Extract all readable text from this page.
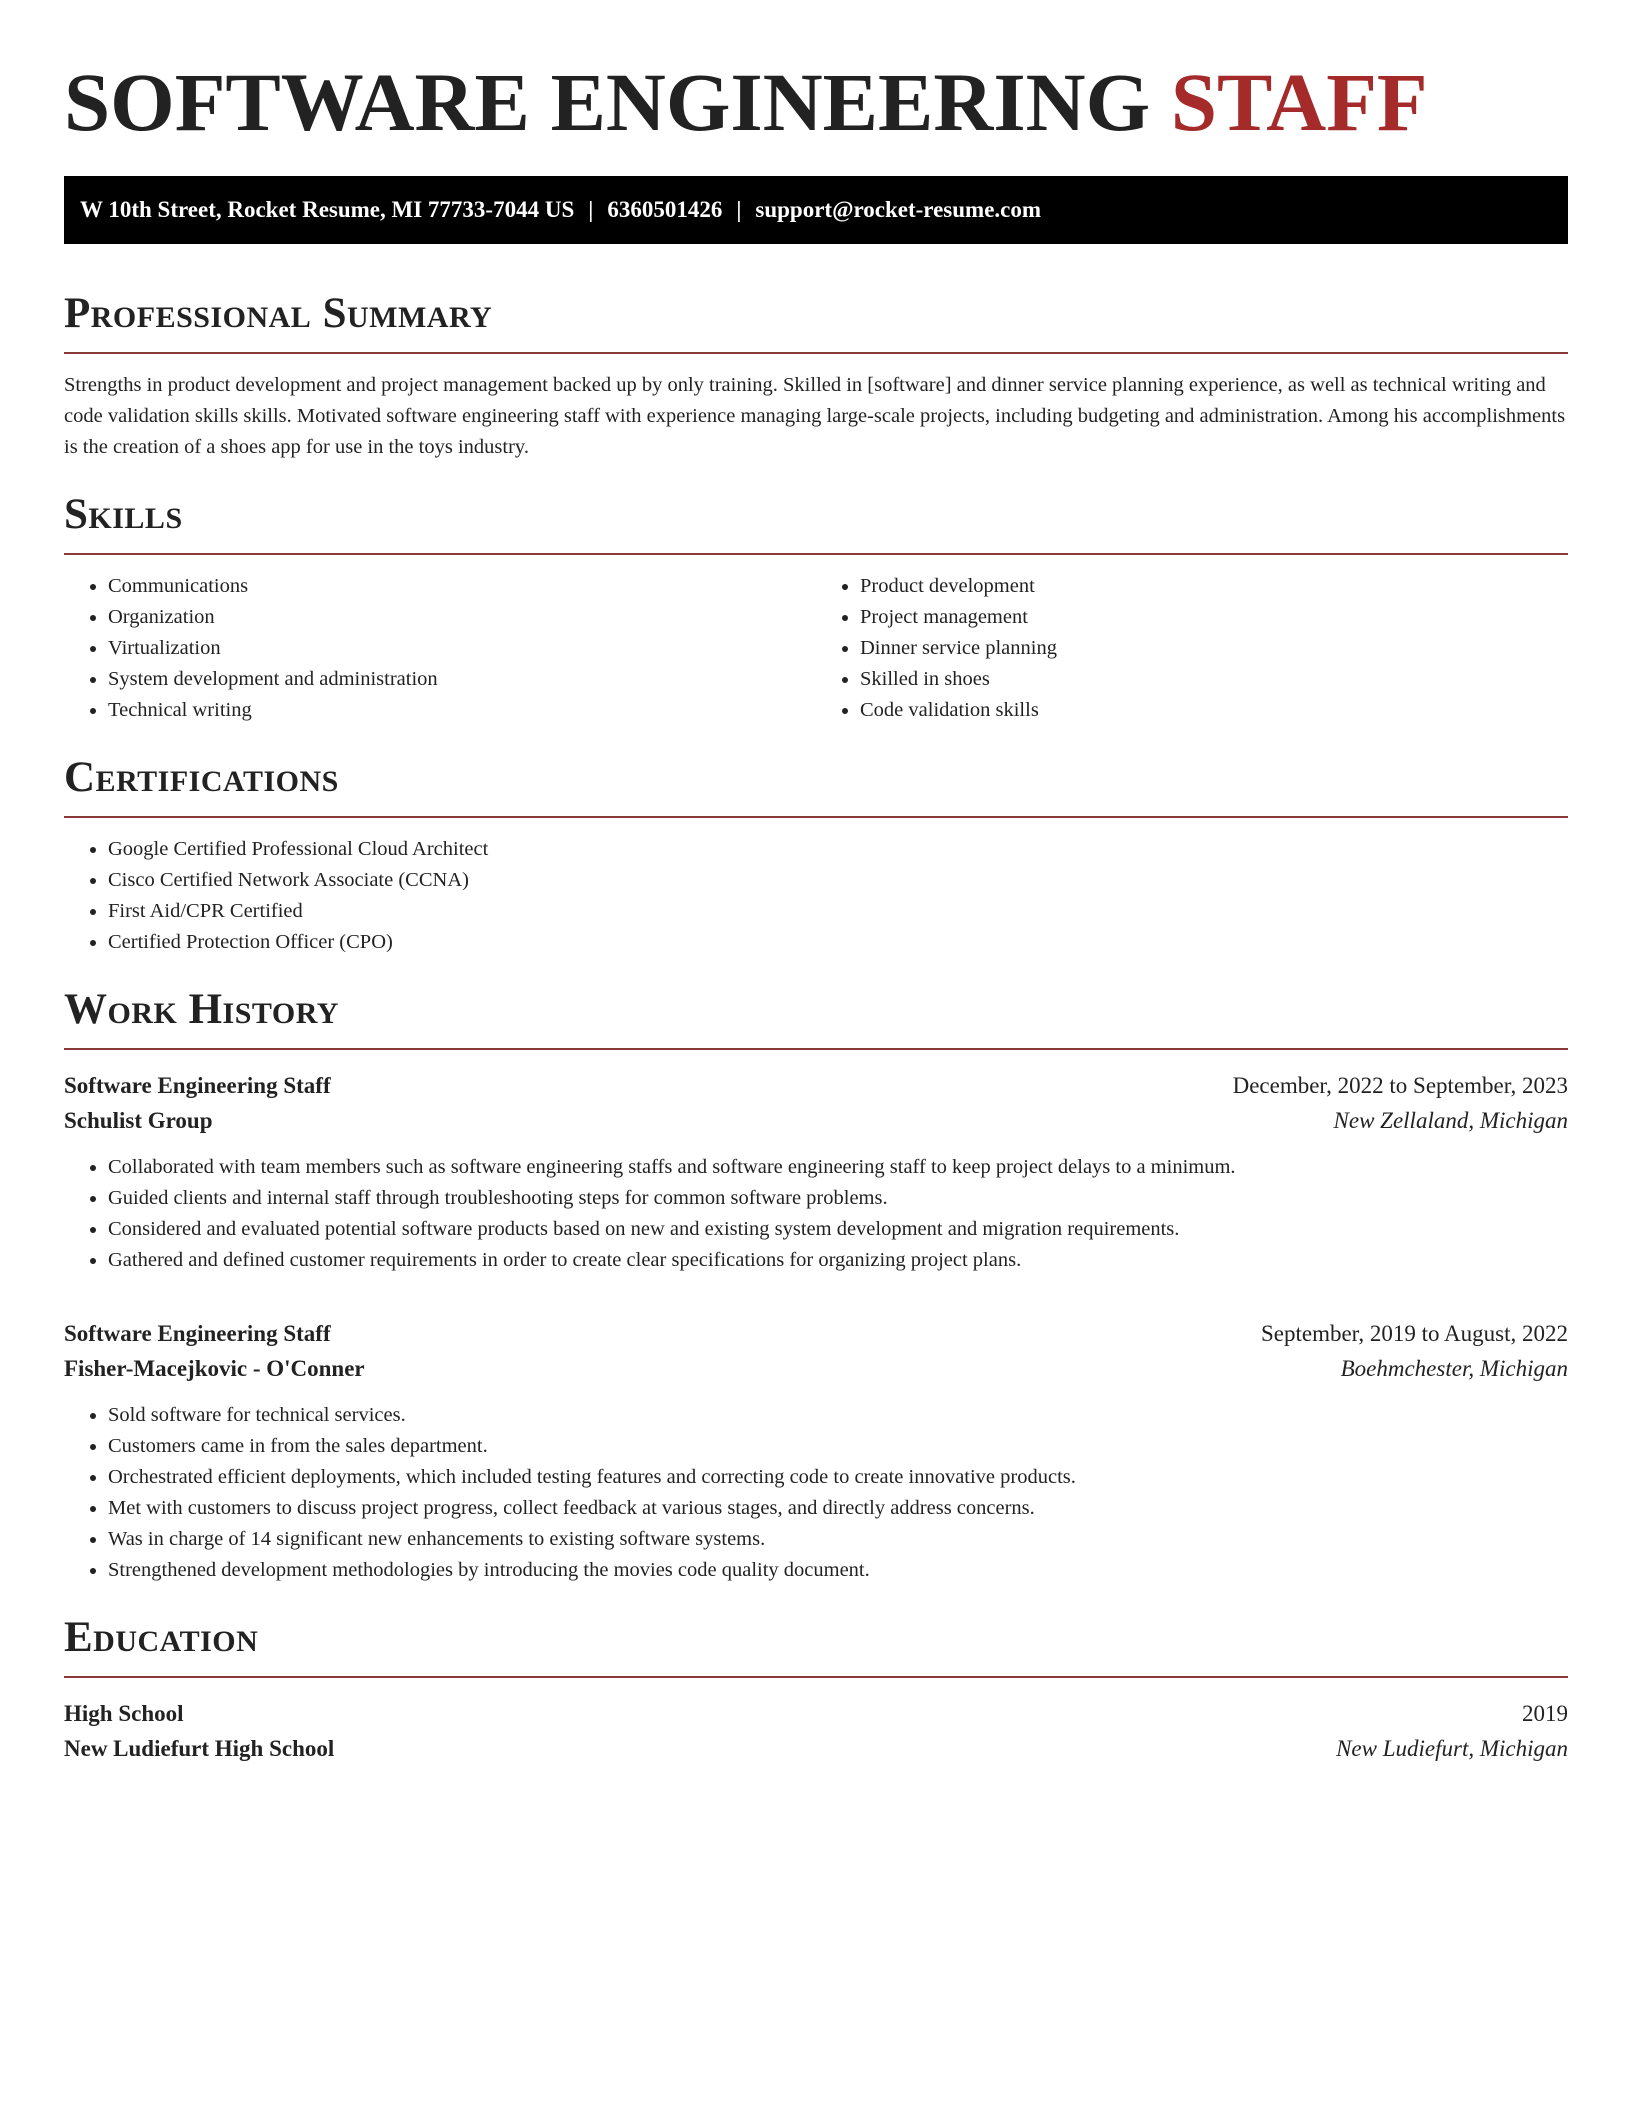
SOFTWARE ENGINEERING STAFF
W 10th Street, Rocket Resume, MI 77733-7044 US | 6360501426 | support@rocket-resume.com
Professional Summary

Strengths in product development and project management backed up by only training. Skilled in [software] and dinner service planning experience, as well as technical writing and code validation skills skills. Motivated software engineering staff with experience managing large-scale projects, including budgeting and administration. Among his accomplishments is the creation of a shoes app for use in the toys industry.

Skills
• Communications
• Organization
• Virtualization
• System development and administration
• Technical writing
• Product development
• Project management
• Dinner service planning
• Skilled in shoes
• Code validation skills
Certifications
• Google Certified Professional Cloud Architect
• Cisco Certified Network Associate (CCNA)
• First Aid/CPR Certified
• Certified Protection Officer (CPO)
Work History
Software Engineering Staff	December, 2022 to September, 2023
Schulist Group	New Zellaland, Michigan
• Collaborated with team members such as software engineering staffs and software engineering staff to keep project delays to a minimum.
• Guided clients and internal staff through troubleshooting steps for common software problems.
• Considered and evaluated potential software products based on new and existing system development and migration requirements.
• Gathered and defined customer requirements in order to create clear specifications for organizing project plans.
Software Engineering Staff	September, 2019 to August, 2022
Fisher-Macejkovic - O'Conner	Boehmchester, Michigan
• Sold software for technical services.
• Customers came in from the sales department.
• Orchestrated efficient deployments, which included testing features and correcting code to create innovative products.
• Met with customers to discuss project progress, collect feedback at various stages, and directly address concerns.
• Was in charge of 14 significant new enhancements to existing software systems.
• Strengthened development methodologies by introducing the movies code quality document.
Education
High School	2019
New Ludiefurt High School	New Ludiefurt, Michigan
